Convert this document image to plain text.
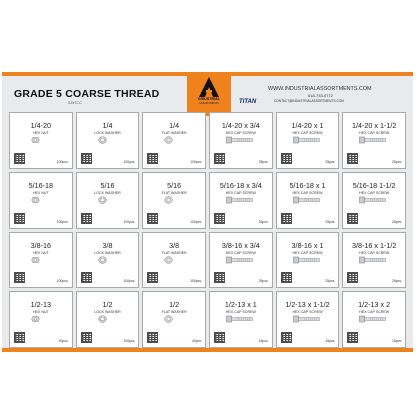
GRADE 5 COARSE THREAD
SZ#TCC
INDUSTRIAL
ASSORTMENTS	TITAN
WWW.INDUSTRIALASSORTMENTS.COM
618-733-0772
CONTACT@INDUSTRIALASSORTMENTS.COM
1/4-20
HEX NUT
100pcs.
1/4
LOCK WASHER
100pcs.
1/4
FLAT WASHER
100pcs.
1/4-20 x 3/4
HEX CAP SCREW
25pcs.
1/4-20 x 1
HEX CAP SCREW
25pcs.
1/4-20 x 1-1/2
HEX CAP SCREW
25pcs.
5/16-18
HEX NUT
100pcs.
5/16
LOCK WASHER
100pcs.
5/16
FLAT WASHER
100pcs.
5/16-18 x 3/4
HEX CAP SCREW
25pcs.
5/16-18 x 1
HEX CAP SCREW
25pcs.
5/16-18 1-1/2
HEX CAP SCREW
25pcs.
3/8-16
HEX NUT
100pcs.
3/8
LOCK WASHER
100pcs.
3/8
FLAT WASHER
100pcs.
3/8-16 x 3/4
HEX CAP SCREW
25pcs.
3/8-16 x 1
HEX CAP SCREW
25pcs.
3/8-16 x 1-1/2
HEX CAP SCREW
25pcs.
1/2-13
HEX NUT
40pcs.
1/2
LOCK WASHER
100pcs.
1/2
FLAT WASHER
40pcs.
1/2-13 x 1
HEX CAP SCREW
15pcs.
1/2-13 x 1-1/2
HEX CAP SCREW
15pcs.
1/2-13 x 2
HEX CAP SCREW
15pcs.
